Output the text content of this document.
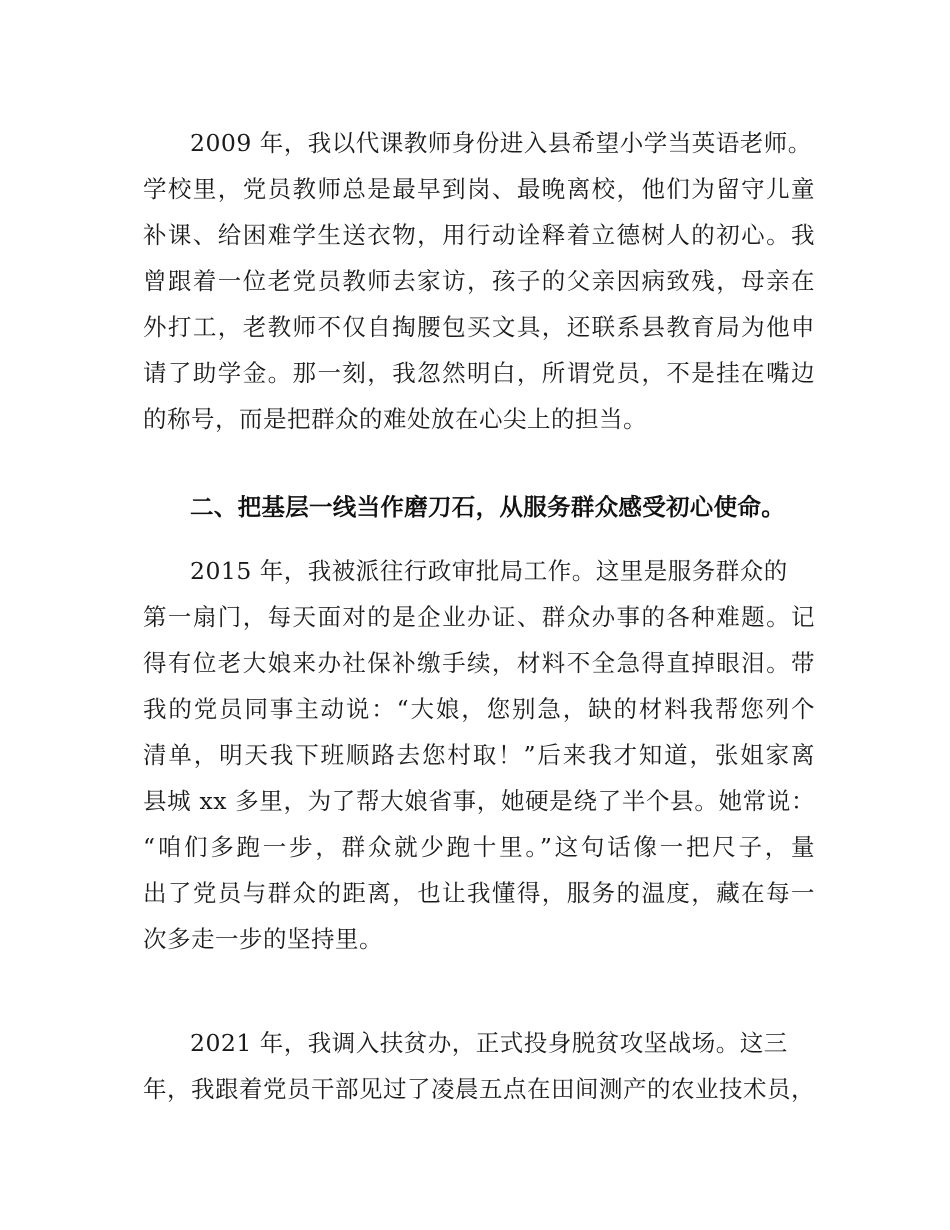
2009 年，我以代课教师身份进入县希望小学当英语老师。
学校里，党员教师总是最早到岗、最晚离校，他们为留守儿童
补课、给困难学生送衣物，用行动诠释着立德树人的初心。我
曾跟着一位老党员教师去家访，孩子的父亲因病致残，母亲在
外打工，老教师不仅自掏腰包买文具，还联系县教育局为他申
请了助学金。那一刻，我忽然明白，所谓党员，不是挂在嘴边
的称号，而是把群众的难处放在心尖上的担当。
二、把基层一线当作磨刀石，从服务群众感受初心使命。
2015 年，我被派往行政审批局工作。这里是服务群众的
第一扇门，每天面对的是企业办证、群众办事的各种难题。记
得有位老大娘来办社保补缴手续，材料不全急得直掉眼泪。带
我的党员同事主动说：“大娘，您别急，缺的材料我帮您列个
清单，明天我下班顺路去您村取！”后来我才知道，张姐家离
县城 xx 多里，为了帮大娘省事，她硬是绕了半个县。她常说：
“咱们多跑一步，群众就少跑十里。”这句话像一把尺子，量
出了党员与群众的距离，也让我懂得，服务的温度，藏在每一
次多走一步的坚持里。
2021 年，我调入扶贫办，正式投身脱贫攻坚战场。这三
年，我跟着党员干部见过了凌晨五点在田间测产的农业技术员，
